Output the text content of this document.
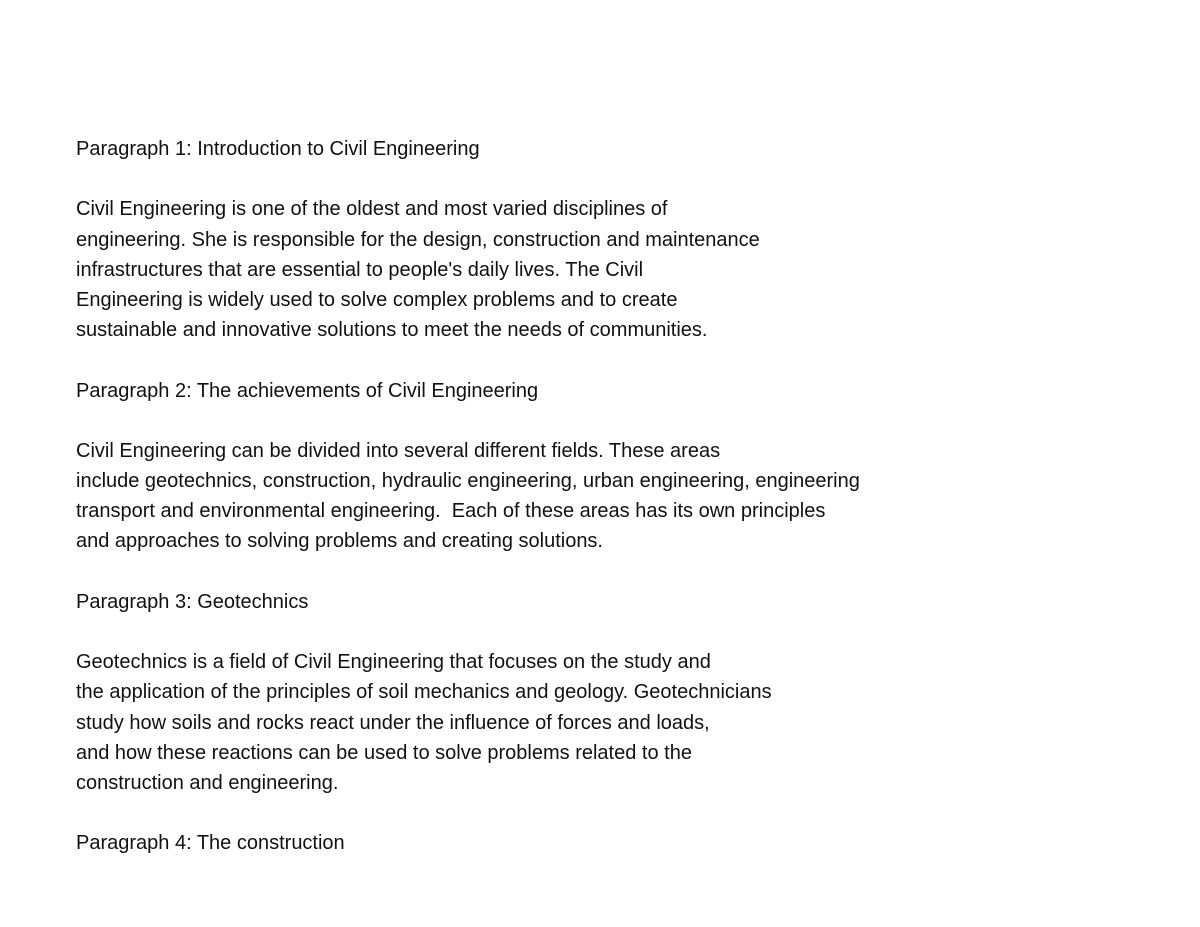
Paragraph 1: Introduction to Civil Engineering
Civil Engineering is one of the oldest and most varied disciplines of
engineering. She is responsible for the design, construction and maintenance
infrastructures that are essential to people's daily lives. The Civil
Engineering is widely used to solve complex problems and to create
sustainable and innovative solutions to meet the needs of communities.
Paragraph 2: The achievements of Civil Engineering
Civil Engineering can be divided into several different fields. These areas
include geotechnics, construction, hydraulic engineering, urban engineering, engineering
transport and environmental engineering.  Each of these areas has its own principles
and approaches to solving problems and creating solutions.
Paragraph 3: Geotechnics
Geotechnics is a field of Civil Engineering that focuses on the study and
the application of the principles of soil mechanics and geology. Geotechnicians
study how soils and rocks react under the influence of forces and loads,
and how these reactions can be used to solve problems related to the
construction and engineering.
Paragraph 4: The construction
